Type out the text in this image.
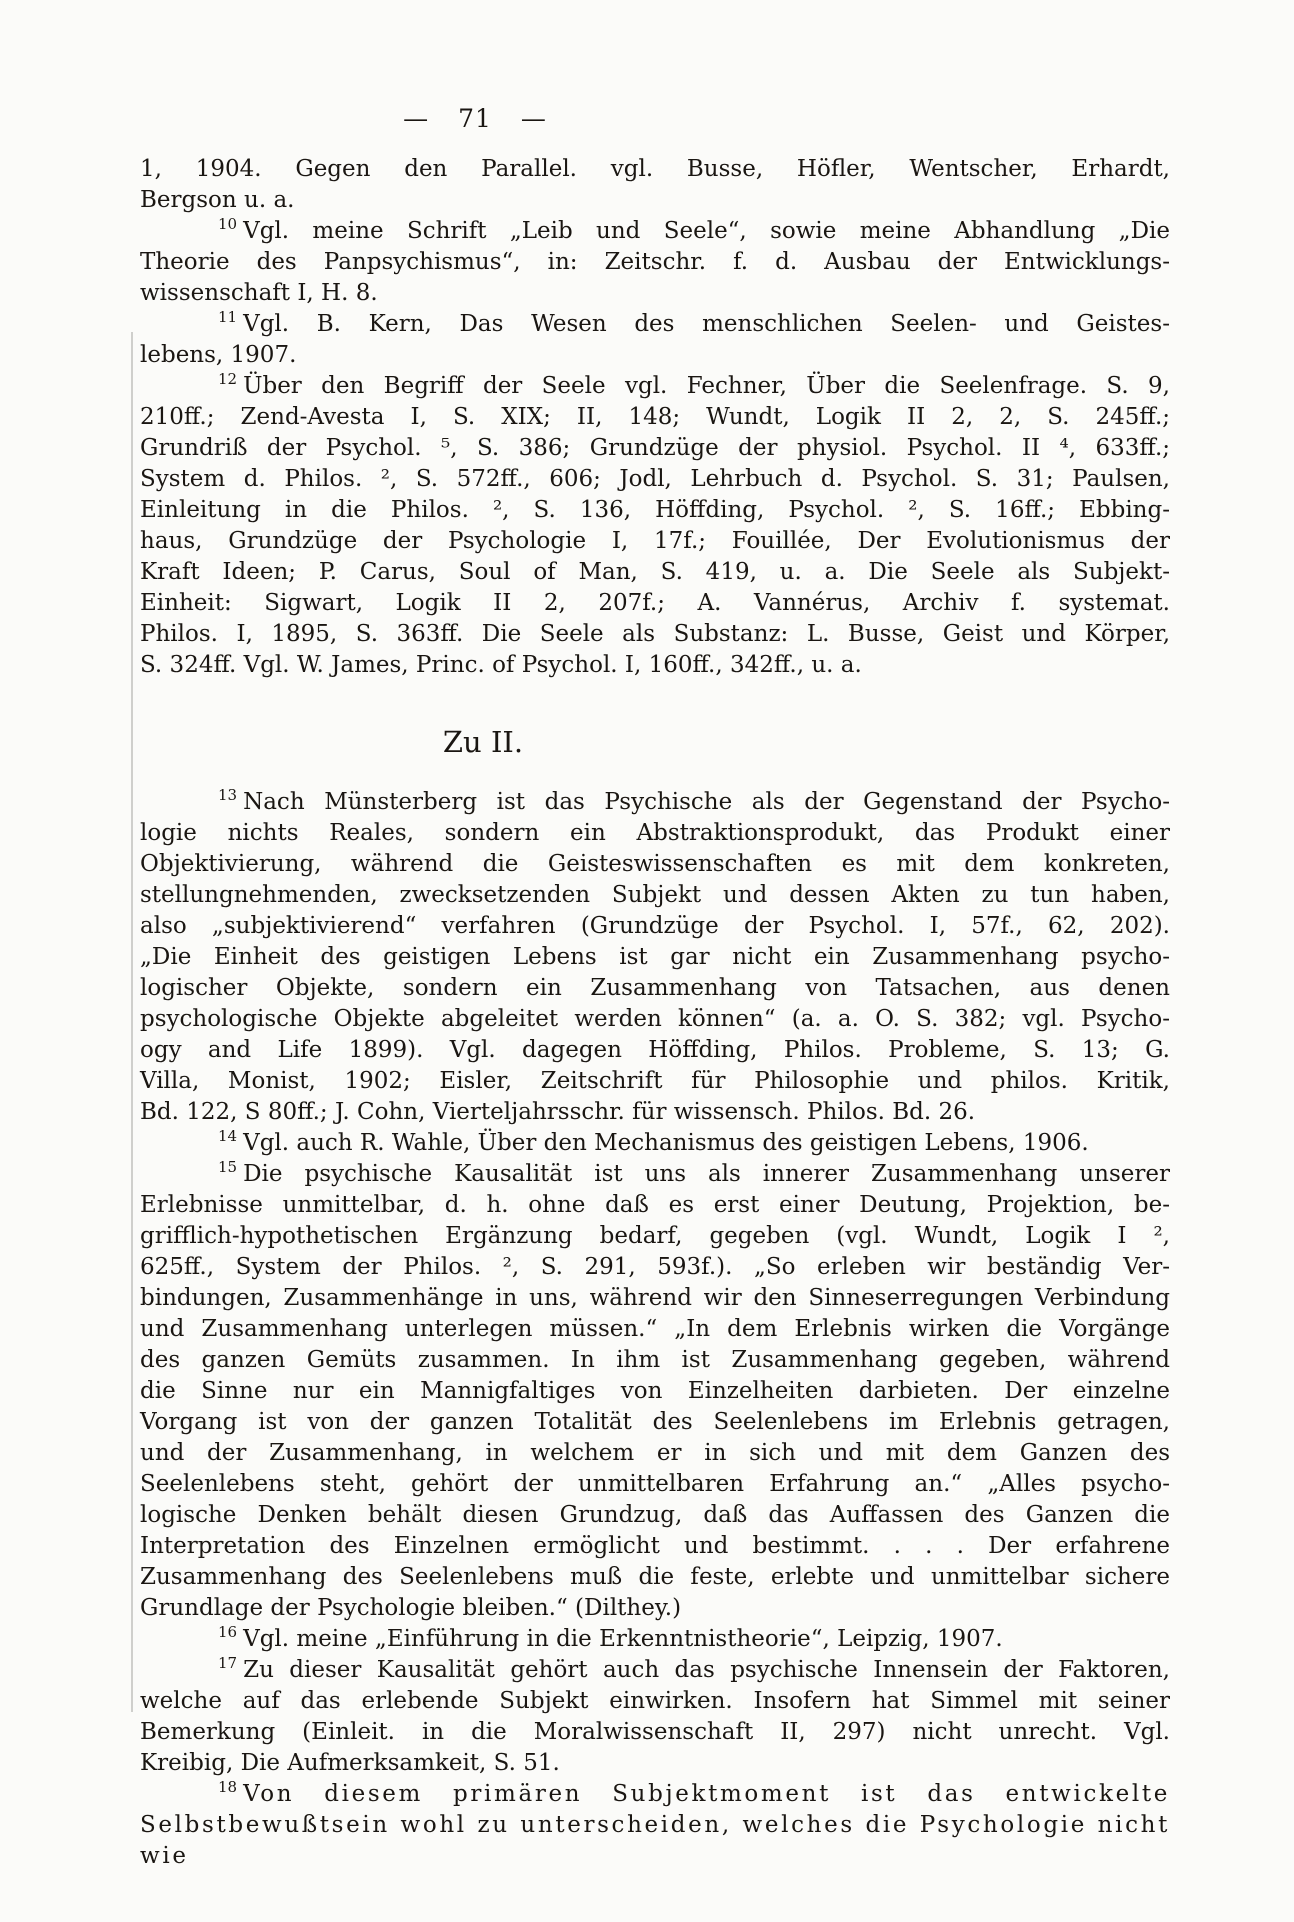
— 71 —
1, 1904. Gegen den Parallel. vgl. Busse, Höfler, Wentscher, Erhardt,
Bergson u. a.
$^{10}$ Vgl. meine Schrift „Leib und Seele“, sowie meine Abhandlung „Die
Theorie des Panpsychismus“, in: Zeitschr. f. d. Ausbau der Entwicklungs-
wissenschaft I, H. 8.
$^{11}$ Vgl. B. Kern, Das Wesen des menschlichen Seelen- und Geistes-
lebens, 1907.
$^{12}$ Über den Begriff der Seele vgl. Fechner, Über die Seelenfrage. S. 9,
210ff.; Zend-Avesta I, S. XIX; II, 148; Wundt, Logik II 2, 2, S. 245ff.;
Grundriß der Psychol. ⁵, S. 386; Grundzüge der physiol. Psychol. II ⁴, 633ff.;
System d. Philos. ², S. 572ff., 606; Jodl, Lehrbuch d. Psychol. S. 31; Paulsen,
Einleitung in die Philos. ², S. 136, Höffding, Psychol. ², S. 16ff.; Ebbing-
haus, Grundzüge der Psychologie I, 17f.; Fouillée, Der Evolutionismus der
Kraft Ideen; P. Carus, Soul of Man, S. 419, u. a. Die Seele als Subjekt-
Einheit: Sigwart, Logik II 2, 207f.; A. Vannérus, Archiv f. systemat.
Philos. I, 1895, S. 363ff. Die Seele als Substanz: L. Busse, Geist und Körper,
S. 324ff. Vgl. W. James, Princ. of Psychol. I, 160ff., 342ff., u. a.
Zu II.
$^{13}$ Nach Münsterberg ist das Psychische als der Gegenstand der Psycho-
logie nichts Reales, sondern ein Abstraktionsprodukt, das Produkt einer
Objektivierung, während die Geisteswissenschaften es mit dem konkreten,
stellungnehmenden, zwecksetzenden Subjekt und dessen Akten zu tun haben,
also „subjektivierend“ verfahren (Grundzüge der Psychol. I, 57f., 62, 202).
„Die Einheit des geistigen Lebens ist gar nicht ein Zusammenhang psycho-
logischer Objekte, sondern ein Zusammenhang von Tatsachen, aus denen
psychologische Objekte abgeleitet werden können“ (a. a. O. S. 382; vgl. Psycho-
ogy and Life 1899). Vgl. dagegen Höffding, Philos. Probleme, S. 13; G.
Villa, Monist, 1902; Eisler, Zeitschrift für Philosophie und philos. Kritik,
Bd. 122, S 80ff.; J. Cohn, Vierteljahrsschr. für wissensch. Philos. Bd. 26.
$^{14}$ Vgl. auch R. Wahle, Über den Mechanismus des geistigen Lebens, 1906.
$^{15}$ Die psychische Kausalität ist uns als innerer Zusammenhang unserer
Erlebnisse unmittelbar, d. h. ohne daß es erst einer Deutung, Projektion, be-
grifflich-hypothetischen Ergänzung bedarf, gegeben (vgl. Wundt, Logik I ²,
625ff., System der Philos. ², S. 291, 593f.). „So erleben wir beständig Ver-
bindungen, Zusammenhänge in uns, während wir den Sinneserregungen Verbindung
und Zusammenhang unterlegen müssen.“ „In dem Erlebnis wirken die Vorgänge
des ganzen Gemüts zusammen. In ihm ist Zusammenhang gegeben, während
die Sinne nur ein Mannigfaltiges von Einzelheiten darbieten. Der einzelne
Vorgang ist von der ganzen Totalität des Seelenlebens im Erlebnis getragen,
und der Zusammenhang, in welchem er in sich und mit dem Ganzen des
Seelenlebens steht, gehört der unmittelbaren Erfahrung an.“ „Alles psycho-
logische Denken behält diesen Grundzug, daß das Auffassen des Ganzen die
Interpretation des Einzelnen ermöglicht und bestimmt. . . . Der erfahrene
Zusammenhang des Seelenlebens muß die feste, erlebte und unmittelbar sichere
Grundlage der Psychologie bleiben.“ (Dilthey.)
$^{16}$ Vgl. meine „Einführung in die Erkenntnistheorie“, Leipzig, 1907.
$^{17}$ Zu dieser Kausalität gehört auch das psychische Innensein der Faktoren,
welche auf das erlebende Subjekt einwirken. Insofern hat Simmel mit seiner
Bemerkung (Einleit. in die Moralwissenschaft II, 297) nicht unrecht. Vgl.
Kreibig, Die Aufmerksamkeit, S. 51.
$^{18}$ Von diesem primären Subjektmoment ist das entwickelte
Selbstbewußtsein wohl zu unterscheiden, welches die Psychologie nicht wie
